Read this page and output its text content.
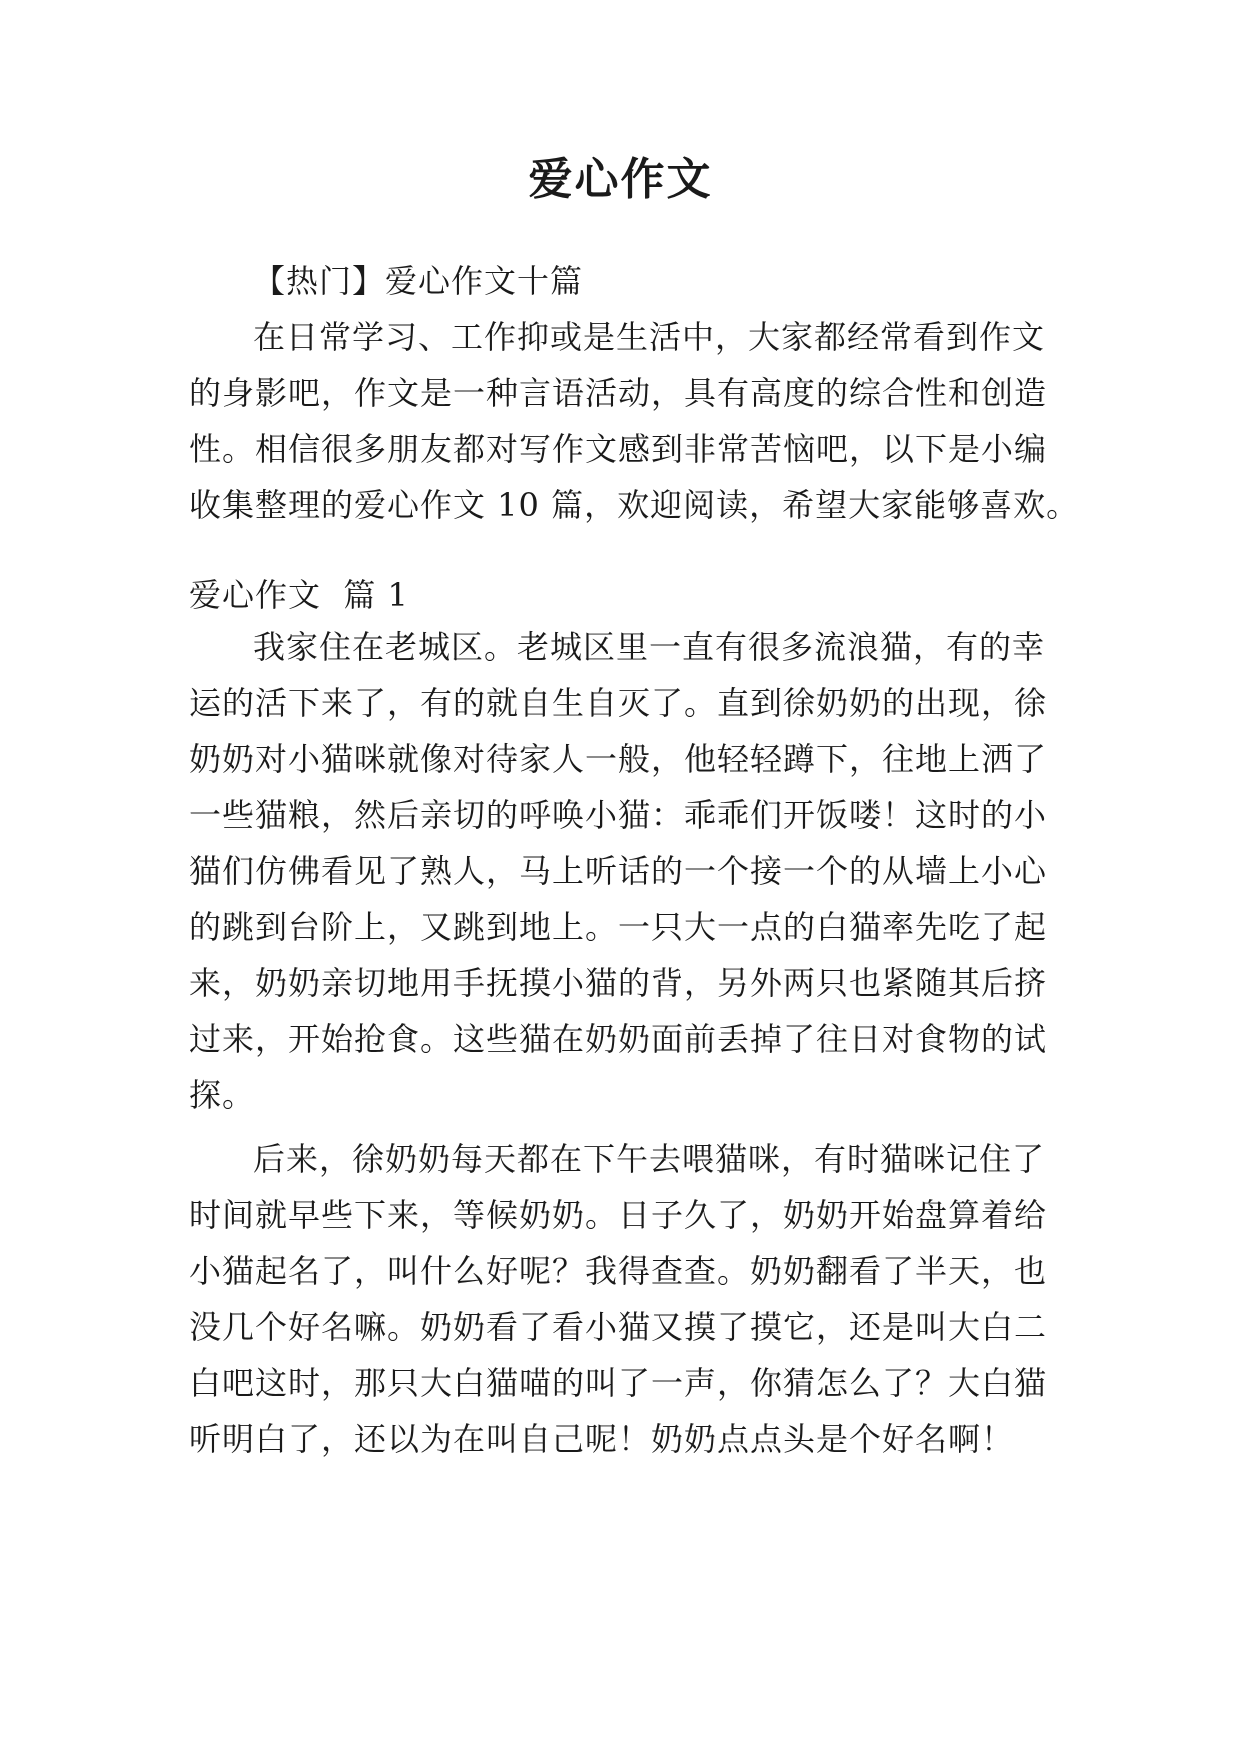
爱心作文

【热门】爱心作文十篇

在日常学习、工作抑或是生活中，大家都经常看到作文
的身影吧，作文是一种言语活动，具有高度的综合性和创造
性。相信很多朋友都对写作文感到非常苦恼吧，以下是小编
收集整理的爱心作文 10 篇，欢迎阅读，希望大家能够喜欢。

爱心作文  篇 1

我家住在老城区。老城区里一直有很多流浪猫，有的幸
运的活下来了，有的就自生自灭了。直到徐奶奶的出现，徐
奶奶对小猫咪就像对待家人一般，他轻轻蹲下，往地上洒了
一些猫粮，然后亲切的呼唤小猫：乖乖们开饭喽！这时的小
猫们仿佛看见了熟人，马上听话的一个接一个的从墙上小心
的跳到台阶上，又跳到地上。一只大一点的白猫率先吃了起
来，奶奶亲切地用手抚摸小猫的背，另外两只也紧随其后挤
过来，开始抢食。这些猫在奶奶面前丢掉了往日对食物的试
探。
后来，徐奶奶每天都在下午去喂猫咪，有时猫咪记住了
时间就早些下来，等候奶奶。日子久了，奶奶开始盘算着给
小猫起名了，叫什么好呢？我得查查。奶奶翻看了半天，也
没几个好名嘛。奶奶看了看小猫又摸了摸它，还是叫大白二
白吧这时，那只大白猫喵的叫了一声，你猜怎么了？大白猫
听明白了，还以为在叫自己呢！奶奶点点头是个好名啊！
